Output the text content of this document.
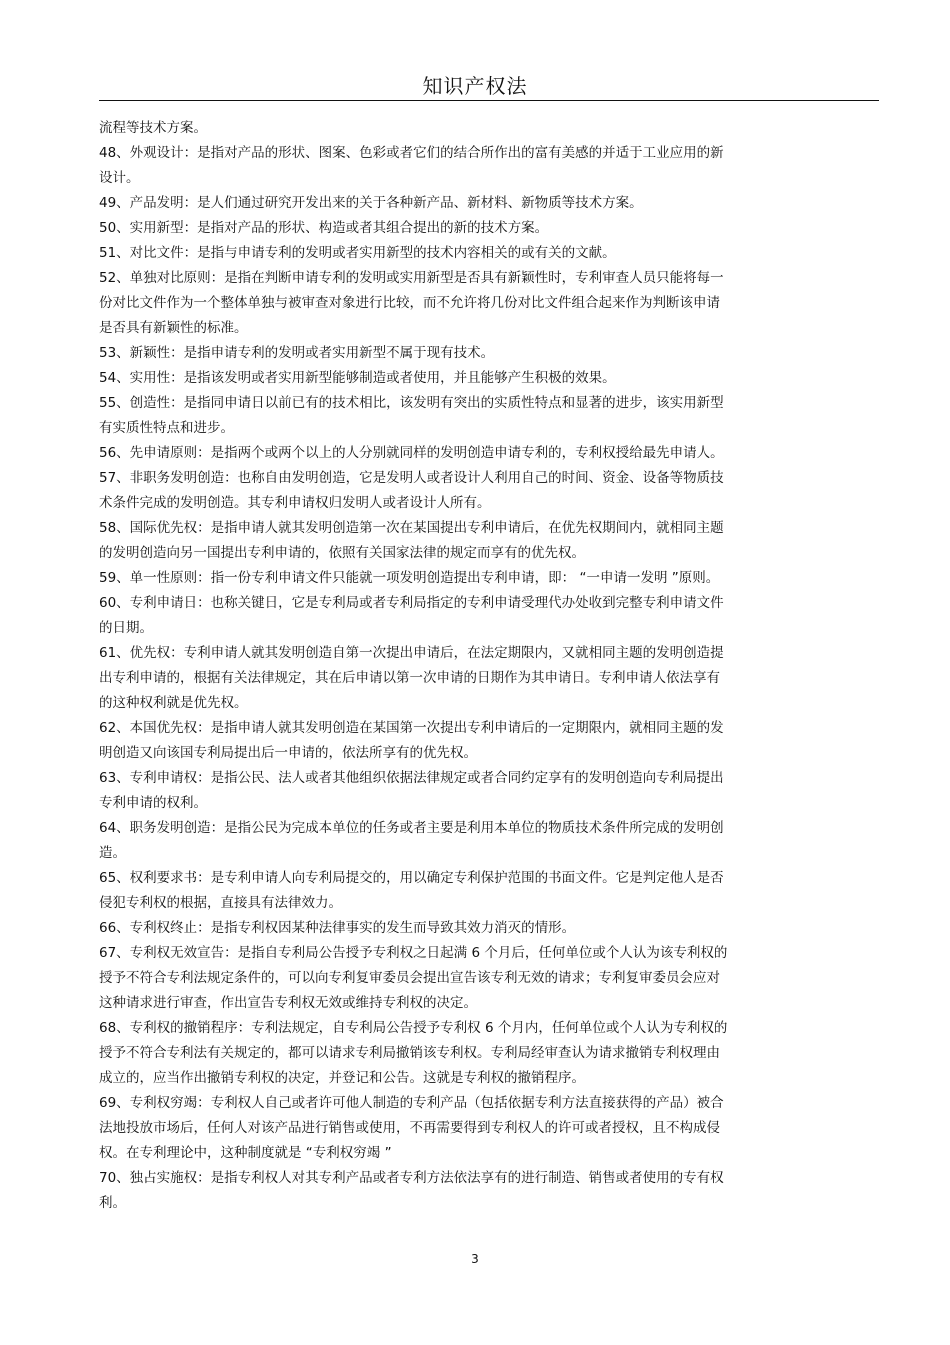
知识产权法
流程等技术方案。
48、外观设计：是指对产品的形状、图案、色彩或者它们的结合所作出的富有美感的并适于工业应用的新
设计。
49、产品发明：是人们通过研究开发出来的关于各种新产品、新材料、新物质等技术方案。
50、实用新型：是指对产品的形状、构造或者其组合提出的新的技术方案。
51、对比文件：是指与申请专利的发明或者实用新型的技术内容相关的或有关的文献。
52、单独对比原则：是指在判断申请专利的发明或实用新型是否具有新颖性时，专利审查人员只能将每一
份对比文件作为一个整体单独与被审查对象进行比较，而不允许将几份对比文件组合起来作为判断该申请
是否具有新颖性的标准。
53、新颖性：是指申请专利的发明或者实用新型不属于现有技术。
54、实用性：是指该发明或者实用新型能够制造或者使用，并且能够产生积极的效果。
55、创造性：是指同申请日以前已有的技术相比，该发明有突出的实质性特点和显著的进步，该实用新型
有实质性特点和进步。
56、先申请原则：是指两个或两个以上的人分别就同样的发明创造申请专利的，专利权授给最先申请人。
57、非职务发明创造：也称自由发明创造，它是发明人或者设计人利用自己的时间、资金、设备等物质技
术条件完成的发明创造。其专利申请权归发明人或者设计人所有。
58、国际优先权：是指申请人就其发明创造第一次在某国提出专利申请后，在优先权期间内，就相同主题
的发明创造向另一国提出专利申请的，依照有关国家法律的规定而享有的优先权。
59、单一性原则：指一份专利申请文件只能就一项发明创造提出专利申请，即： “一申请一发明 ”原则。
60、专利申请日：也称关键日，它是专利局或者专利局指定的专利申请受理代办处收到完整专利申请文件
的日期。
61、优先权：专利申请人就其发明创造自第一次提出申请后，在法定期限内，又就相同主题的发明创造提
出专利申请的，根据有关法律规定，其在后申请以第一次申请的日期作为其申请日。专利申请人依法享有
的这种权利就是优先权。
62、本国优先权：是指申请人就其发明创造在某国第一次提出专利申请后的一定期限内，就相同主题的发
明创造又向该国专利局提出后一申请的，依法所享有的优先权。
63、专利申请权：是指公民、法人或者其他组织依据法律规定或者合同约定享有的发明创造向专利局提出
专利申请的权利。
64、职务发明创造：是指公民为完成本单位的任务或者主要是利用本单位的物质技术条件所完成的发明创
造。
65、权利要求书：是专利申请人向专利局提交的，用以确定专利保护范围的书面文件。它是判定他人是否
侵犯专利权的根据，直接具有法律效力。
66、专利权终止：是指专利权因某种法律事实的发生而导致其效力消灭的情形。
67、专利权无效宣告：是指自专利局公告授予专利权之日起满 6 个月后，任何单位或个人认为该专利权的
授予不符合专利法规定条件的，可以向专利复审委员会提出宣告该专利无效的请求；专利复审委员会应对
这种请求进行审查，作出宣告专利权无效或维持专利权的决定。
68、专利权的撤销程序：专利法规定，自专利局公告授予专利权 6 个月内，任何单位或个人认为专利权的
授予不符合专利法有关规定的，都可以请求专利局撤销该专利权。专利局经审查认为请求撤销专利权理由
成立的，应当作出撤销专利权的决定，并登记和公告。这就是专利权的撤销程序。
69、专利权穷竭：专利权人自己或者许可他人制造的专利产品（包括依据专利方法直接获得的产品）被合
法地投放市场后，任何人对该产品进行销售或使用，不再需要得到专利权人的许可或者授权，且不构成侵
权。在专利理论中，这种制度就是 “专利权穷竭 ”
70、独占实施权：是指专利权人对其专利产品或者专利方法依法享有的进行制造、销售或者使用的专有权
利。
3
